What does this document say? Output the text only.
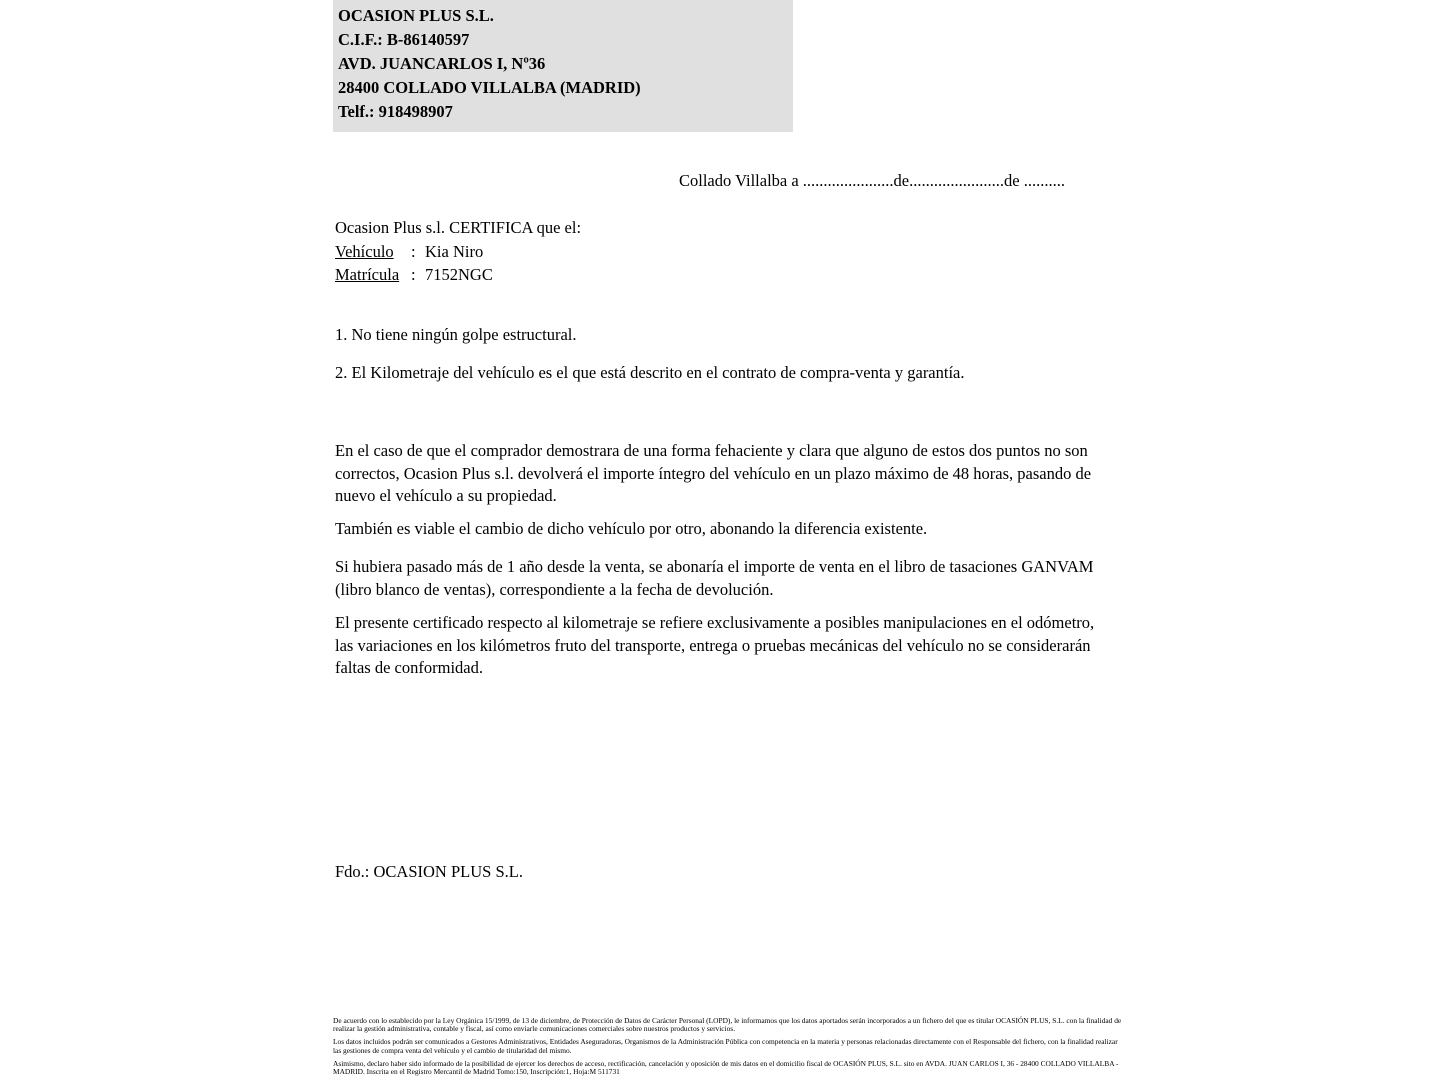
OCASION PLUS S.L.
C.I.F.: B-86140597
AVD. JUANCARLOS I, Nº36
28400 COLLADO VILLALBA (MADRID)
Telf.: 918498907
Collado Villalba a ......................de.......................de ..........
Ocasion Plus s.l. CERTIFICA que el:
Vehículo	: Kia Niro
Matrícula : 7152NGC
1. No tiene ningún golpe estructural.
2. El Kilometraje del vehículo es el que está descrito en el contrato de compra-venta y garantía.
En el caso de que el comprador demostrara de una forma fehaciente y clara que alguno de estos dos puntos no son correctos, Ocasion Plus s.l. devolverá el importe íntegro del vehículo en un plazo máximo de 48 horas, pasando de nuevo el vehículo a su propiedad.
También es viable el cambio de dicho vehículo por otro, abonando la diferencia existente.
Si hubiera pasado más de 1 año desde la venta, se abonaría el importe de venta en el libro de tasaciones GANVAM (libro blanco de ventas), correspondiente a la fecha de devolución.
El presente certificado respecto al kilometraje se refiere exclusivamente a posibles manipulaciones en el odómetro, las variaciones en los kilómetros fruto del transporte, entrega o pruebas mecánicas del vehículo no se considerarán faltas de conformidad.
Fdo.: OCASION PLUS S.L.

De acuerdo con lo establecido por la Ley Orgánica 15/1999, de 13 de diciembre, de Protección de Datos de Carácter Personal (LOPD), le informamos que los datos aportados serán incorporados a un fichero del que es titular OCASIÓN PLUS, S.L. con la finalidad de realizar la gestión administrativa, contable y fiscal, así como enviarle comunicaciones comerciales sobre nuestros productos y servicios.

Los datos incluidos podrán ser comunicados a Gestores Administrativos, Entidades Aseguradoras, Organismos de la Administración Pública con competencia en la materia y personas relacionadas directamente con el Responsable del fichero, con la finalidad realizar las gestiones de compra venta del vehículo y el cambio de titularidad del mismo.

Asimismo, declaro haber sido informado de la posibilidad de ejercer los derechos de acceso, rectificación, cancelación y oposición de mis datos en el domicilio fiscal de OCASIÓN PLUS, S.L. sito en AVDA. JUAN CARLOS I, 36 - 28400 COLLADO VILLALBA - MADRID. Inscrita en el Registro Mercantil de Madrid Tomo:150, Inscripción:1, Hoja:M 511731
